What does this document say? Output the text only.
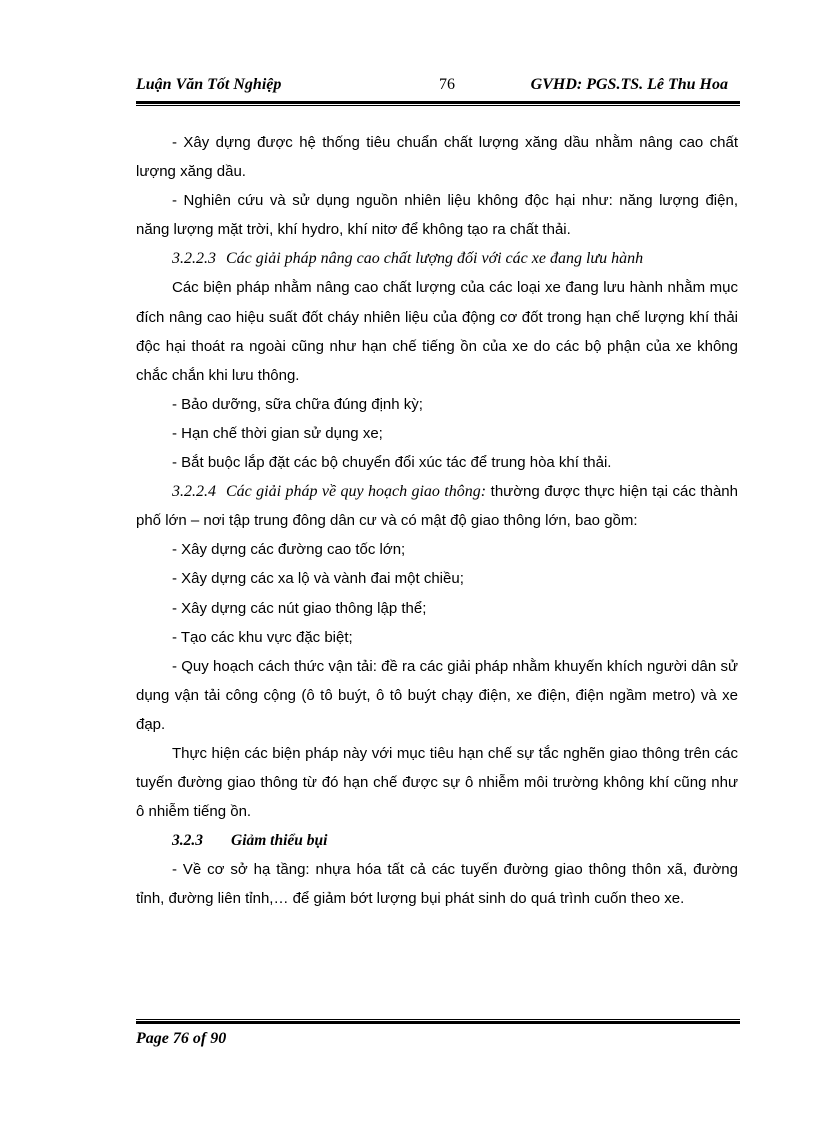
Luận Văn Tốt Nghiệp	76	GVHD: PGS.TS. Lê Thu Hoa

- Xây dựng được hệ thống tiêu chuẩn chất lượng xăng dầu nhằm nâng cao chất lượng xăng dầu.

- Nghiên cứu và sử dụng nguồn nhiên liệu không độc hại như: năng lượng điện, năng lượng mặt trời, khí hydro, khí nitơ để không tạo ra chất thải.

3.2.2.3 Các giải pháp nâng cao chất lượng đối với các xe đang lưu hành

Các biện pháp nhằm nâng cao chất lượng của các loại xe đang lưu hành nhằm mục đích nâng cao hiệu suất đốt cháy nhiên liệu của động cơ đốt trong hạn chế lượng khí thải độc hại thoát ra ngoài cũng như hạn chế tiếng ồn của xe do các bộ phận của xe không chắc chắn khi lưu thông.

- Bảo dưỡng, sữa chữa đúng định kỳ;

- Hạn chế thời gian sử dụng xe;

- Bắt buộc lắp đặt các bộ chuyển đổi xúc tác để trung hòa khí thải.

3.2.2.4 Các giải pháp về quy hoạch giao thông: thường được thực hiện tại các thành phố lớn – nơi tập trung đông dân cư và có mật độ giao thông lớn, bao gồm:

- Xây dựng các đường cao tốc lớn;

- Xây dựng các xa lộ và vành đai một chiều;

- Xây dựng các nút giao thông lập thể;

- Tạo các khu vực đặc biệt;

- Quy hoạch cách thức vận tải: đề ra các giải pháp nhằm khuyến khích người dân sử dụng vận tải công cộng (ô tô buýt, ô tô buýt chạy điện, xe điện, điện ngầm metro) và xe đạp.

Thực hiện các biện pháp này với mục tiêu hạn chế sự tắc nghẽn giao thông trên các tuyến đường giao thông từ đó hạn chế được sự ô nhiễm môi trường không khí cũng như ô nhiễm tiếng ồn.

3.2.3 Giảm thiểu bụi

- Về cơ sở hạ tầng: nhựa hóa tất cả các tuyến đường giao thông thôn xã, đường tỉnh, đường liên tỉnh,… để giảm bớt lượng bụi phát sinh do quá trình cuốn theo xe.

Page 76 of 90
